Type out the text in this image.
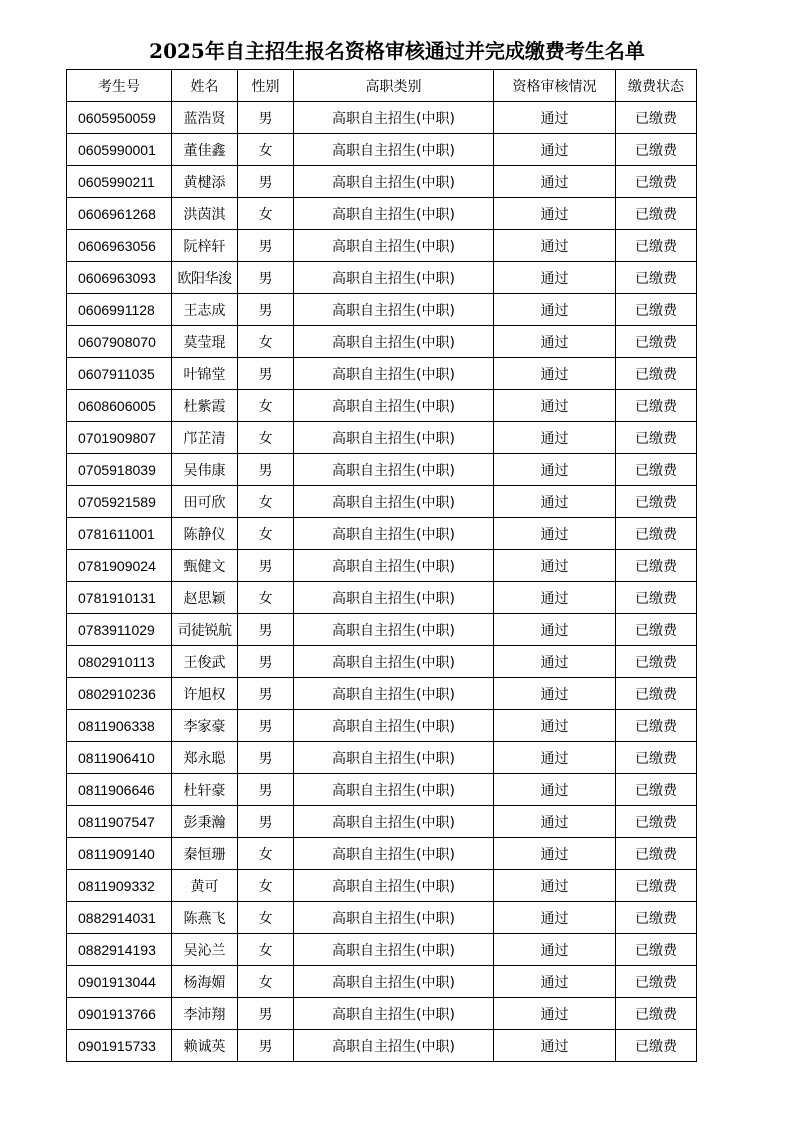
2025年自主招生报名资格审核通过并完成缴费考生名单
考生号	姓名	性别	高职类别	资格审核情况	缴费状态
0605950059	蓝浩贤	男	高职自主招生(中职)	通过	已缴费
0605990001	董佳鑫	女	高职自主招生(中职)	通过	已缴费
0605990211	黄楗添	男	高职自主招生(中职)	通过	已缴费
0606961268	洪茵淇	女	高职自主招生(中职)	通过	已缴费
0606963056	阮梓轩	男	高职自主招生(中职)	通过	已缴费
0606963093	欧阳华浚	男	高职自主招生(中职)	通过	已缴费
0606991128	王志成	男	高职自主招生(中职)	通过	已缴费
0607908070	莫莹琨	女	高职自主招生(中职)	通过	已缴费
0607911035	叶锦堂	男	高职自主招生(中职)	通过	已缴费
0608606005	杜紫霞	女	高职自主招生(中职)	通过	已缴费
0701909807	邝芷清	女	高职自主招生(中职)	通过	已缴费
0705918039	吴伟康	男	高职自主招生(中职)	通过	已缴费
0705921589	田可欣	女	高职自主招生(中职)	通过	已缴费
0781611001	陈静仪	女	高职自主招生(中职)	通过	已缴费
0781909024	甄健文	男	高职自主招生(中职)	通过	已缴费
0781910131	赵思颖	女	高职自主招生(中职)	通过	已缴费
0783911029	司徒锐航	男	高职自主招生(中职)	通过	已缴费
0802910113	王俊武	男	高职自主招生(中职)	通过	已缴费
0802910236	许旭权	男	高职自主招生(中职)	通过	已缴费
0811906338	李家豪	男	高职自主招生(中职)	通过	已缴费
0811906410	郑永聪	男	高职自主招生(中职)	通过	已缴费
0811906646	杜轩豪	男	高职自主招生(中职)	通过	已缴费
0811907547	彭秉瀚	男	高职自主招生(中职)	通过	已缴费
0811909140	秦恒珊	女	高职自主招生(中职)	通过	已缴费
0811909332	黄可	女	高职自主招生(中职)	通过	已缴费
0882914031	陈燕飞	女	高职自主招生(中职)	通过	已缴费
0882914193	吴沁兰	女	高职自主招生(中职)	通过	已缴费
0901913044	杨海媚	女	高职自主招生(中职)	通过	已缴费
0901913766	李沛翔	男	高职自主招生(中职)	通过	已缴费
0901915733	赖诚英	男	高职自主招生(中职)	通过	已缴费
